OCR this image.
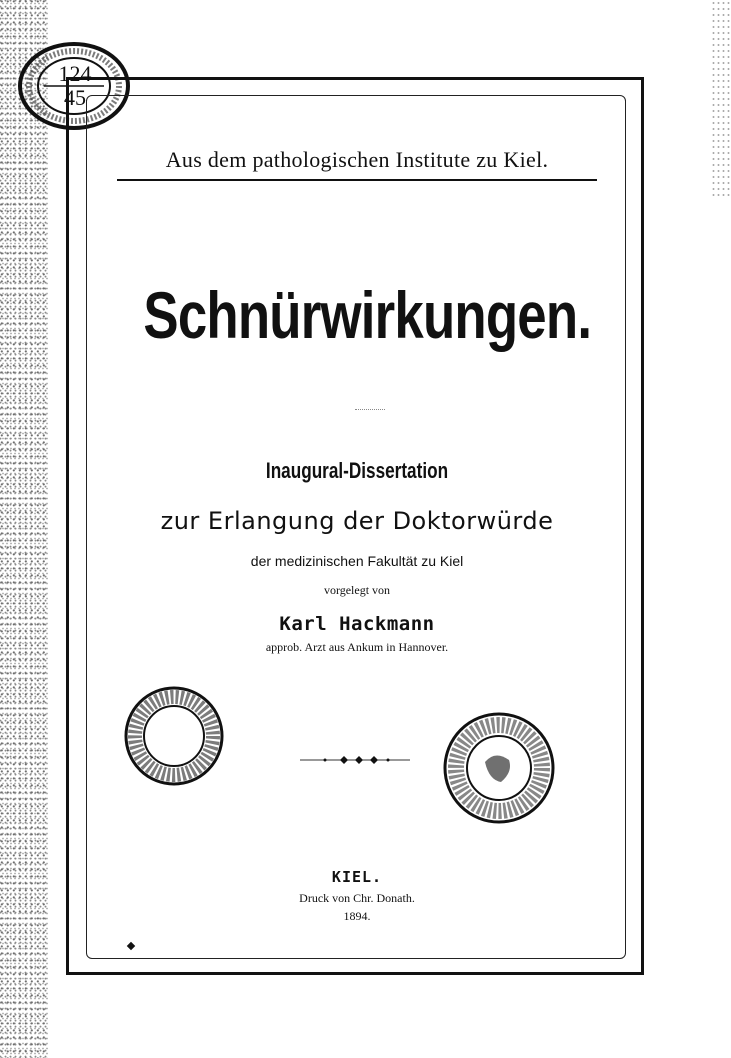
124
45
Aus dem pathologischen Institute zu Kiel.
Schnürwirkungen.
Inaugural-Dissertation
zur Erlangung der Doktorwürde
der medizinischen Fakultät zu Kiel
vorgelegt von
Karl Hackmann
approb. Arzt aus Ankum in Hannover.
KIEL.
Druck von Chr. Donath.
1894.
